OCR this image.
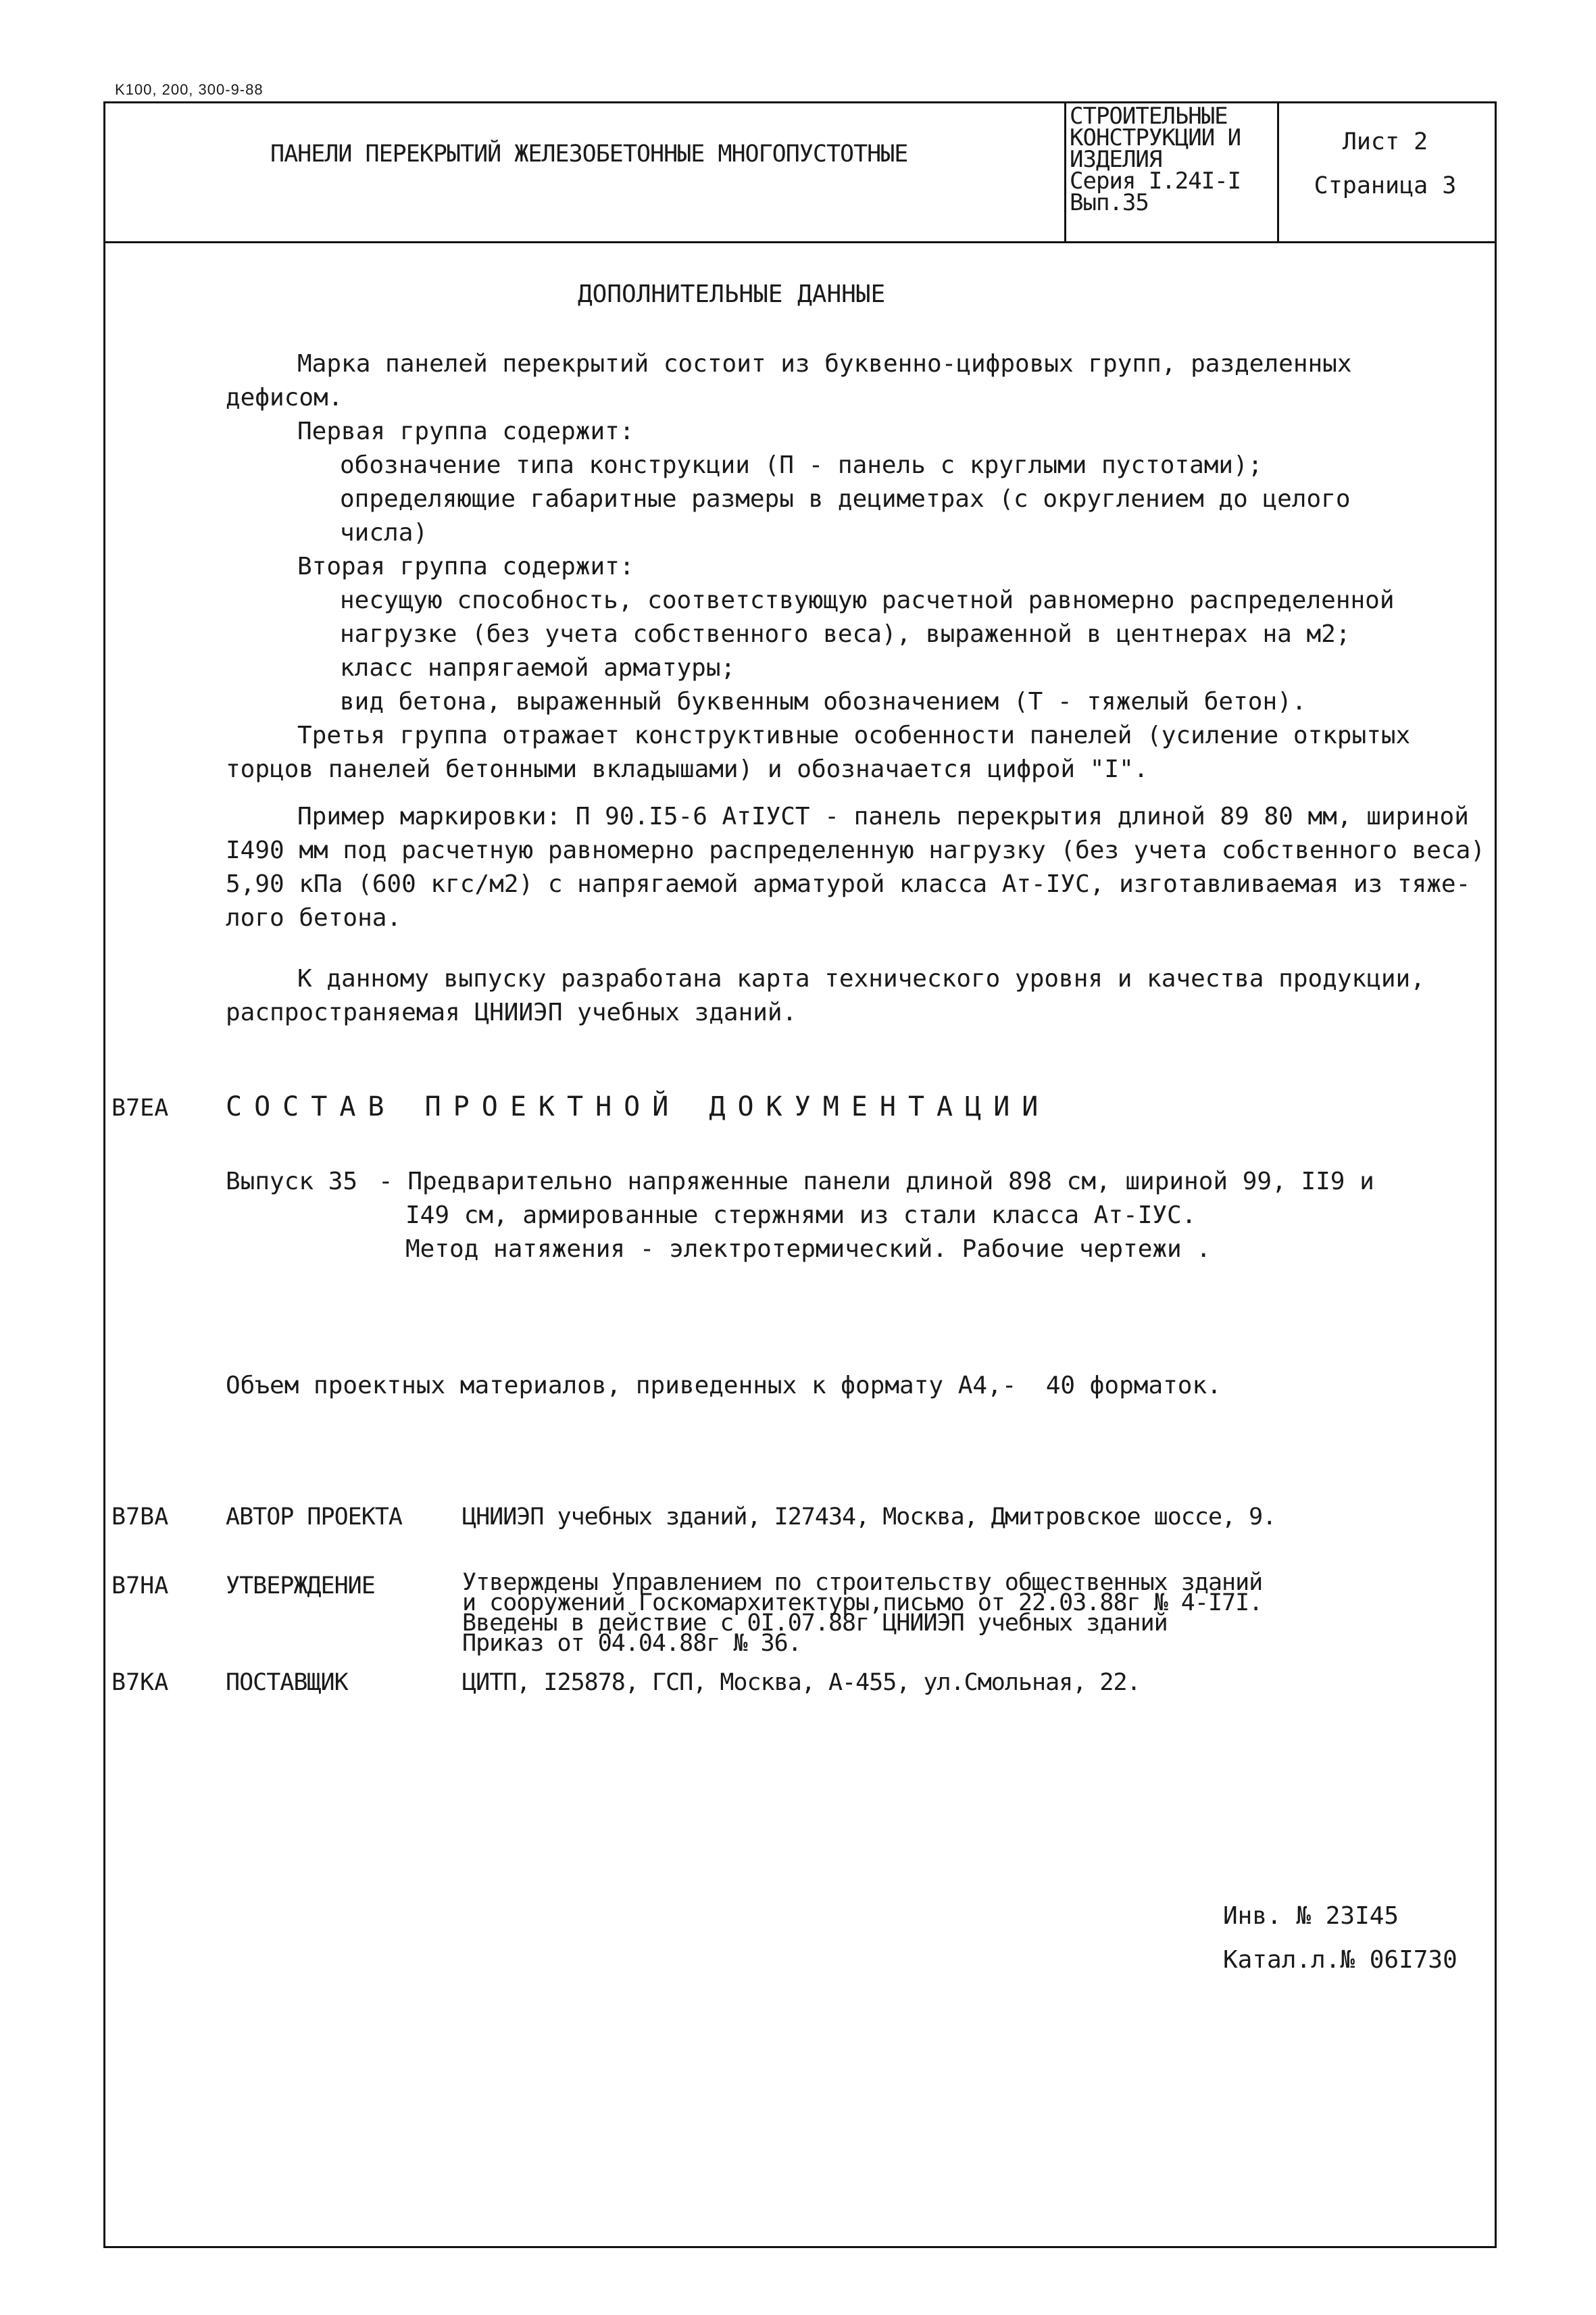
K100, 200, 300-9-88
ПАНЕЛИ ПЕРЕКРЫТИЙ ЖЕЛЕЗОБЕТОННЫЕ МНОГОПУСТОТНЫЕ
СТРОИТЕЛЬНЫЕ
КОНСТРУКЦИИ И
ИЗДЕЛИЯ
Серия I.24I-I
Вып.35
Лист 2
Страница 3
ДОПОЛНИТЕЛЬНЫЕ ДАННЫЕ
Марка панелей перекрытий состоит из буквенно-цифровых групп, разделенных
дефисом.
Первая группа содержит:
обозначение типа конструкции (П - панель с круглыми пустотами);
определяющие габаритные размеры в дециметрах (с округлением до целого
числа)
Вторая группа содержит:
несущую способность, соответствующую расчетной равномерно распределенной
нагрузке (без учета собственного веса), выраженной в центнерах на м2;
класс напрягаемой арматуры;
вид бетона, выраженный буквенным обозначением (Т - тяжелый бетон).
Третья группа отражает конструктивные особенности панелей (усиление открытых
торцов панелей бетонными вкладышами) и обозначается цифрой "I".
Пример маркировки: П 90.I5-6 АтIУСТ - панель перекрытия длиной 89 80 мм, шириной
I490 мм под расчетную равномерно распределенную нагрузку (без учета собственного веса)
5,90 кПа (600 кгс/м2) с напрягаемой арматурой класса Ат-IУС, изготавливаемая из тяже-
лого бетона.
К данному выпуску разработана карта технического уровня и качества продукции,
распространяемая ЦНИИЭП учебных зданий.
В7ЕА СОСТАВ ПРОЕКТНОЙ ДОКУМЕНТАЦИИ
Выпуск 35 - Предварительно напряженные панели длиной 898 см, шириной 99, II9 и
I49 см, армированные стержнями из стали класса Ат-IУС.
Метод натяжения - электротермический. Рабочие чертежи .
Объем проектных материалов, приведенных к формату А4,-  40 форматок.
В7ВА АВТОР ПРОЕКТА	ЦНИИЭП учебных зданий, I27434, Москва, Дмитровское шоссе, 9.
В7НА УТВЕРЖДЕНИЕ	Утверждены Управлением по строительству общественных зданий
и сооружений Госкомархитектуры,письмо от 22.03.88г № 4-I7I.
Введены в действие с 0I.07.88г ЦНИИЭП учебных зданий
Приказ от 04.04.88г № 36.
В7КА ПОСТАВЩИК	ЦИТП, I25878, ГСП, Москва, А-455, ул.Смольная, 22.
Инв. № 23I45
Катал.л.№ 06I730
